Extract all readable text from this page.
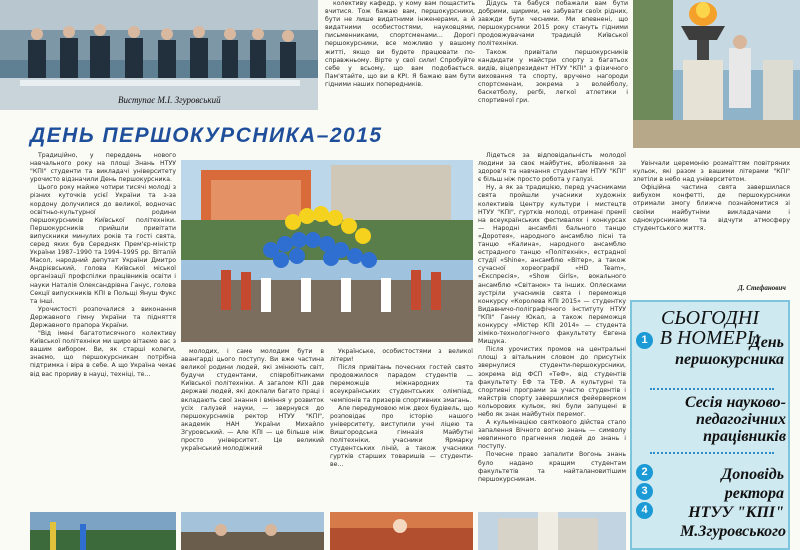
Виступає М.І. Згуровський

колективу кафедр, у кому вам пощастить вчитися. Тож бажаю вам, першокурсники, бути не лише видатними інженерами, а й видатними особистостями, науковцями, письменниками, спортсменами... Дорогі першокурсники, все можливо у вашому житті, якщо ви будете працювати по-справжньому. Вірте у свої сили! Спробуйте себе у всьому, що вам подобається. Пам'ятайте, що ви в KPI. Я бажаю вам бути гідними наших попередників.

Дідусь та бабуся побажали вам бути добрими, щирими, не забувати своїх рідних, завжди бути чесними. Ми впевнені, що першокурсники 2015 року стануть гідними продовжувачами традицій Київської політехніки.

Також привітали першокурсників кандидати у майстри спорту з багатьох видів, віцепрезидент НТУУ "КПІ" з фізичного виховання та спорту, вручено нагороди спортсменам, зокрема з волейболу, баскетболу, регбі, легкої атлетики і спортивної гри.

ДЕНЬ ПЕРШОКУРСНИКА–2015

Традиційно, у переддень нового навчального року на площі Знань НТУУ "КПІ" студенти та викладачі університету урочисто відзначили День першокурсника.

Цього року майже чотири тисячі молоді з різних куточків усієї України та з-за кордону долучилися до великої, водночас освітньо-культурної родини першокурсників Київської політехніки. Першокурсників прийшли привітати випускники минулих років та гості свята, серед яких був Середняк Прем'єр-міністр України 1987–1990 та 1994–1995 рр. Віталій Масол, народний депутат України Дмитро Андрієвський, голова Київської міської організації профспілки працівників освіти і науки Наталія Олександрівна Ганус, голова Секції випускників КПІ в Польщі Януш Фукс та інші.

Урочистості розпочалися з виконання Державного гімну України та підняття Державного прапора України.

"Від імені багатотисячного колективу Київської політехніки ми щиро вітаємо вас з вашим вибором. Ви, як старші колеги, знаємо, що першокурсникам потрібна підтримка і віра в себе. А що Україна чекає від вас прориву в науці, техніці, те...

молодих, і саме молодим бути в авангарді цього поступу. Ви вже частина великої родини людей, які змінюють світ, будучи студентами, співробітниками Київської політехніки. А загалом КПІ дав державі людей, які доклали багато праці і вкладають свої знання і вміння у розвиток усіх галузей науки, — звернувся до першокурсників ректор НТУУ "КПІ", академік НАН України Михайло Згуровський. — Але КПІ — це більше ніж просто університет. Це великий український молодіжний

Українське, особистостями з великої літери!

Після привітань почесних гостей свято продовжилося парадом студентів — переможців міжнародних та всеукраїнських студентських олімпіад, чемпіонів та призерів спортивних змагань.

Але передумовою між двох будівель, що розповідає про історію нашого університету, виступили учні ліцею та Вишгородська гімназія Майбутні політехніки, учасники Ярмарку студентських ліній, а також учасники гуртків старших товаришів — студенти-ве...

Лідеться за відповідальність молодої людини за своє майбутнє, вболівання за здоров'я та навчання студентам НТУУ "КПІ" є більш ніж просто робота у галузі.

Ну, а як за традицією, перед учасниками свята пройшли учасники художніх колективів Центру культури і мистецтв НТУУ "КПІ", гуртків молоді, отримані премії на всеукраїнських фестивалях і конкурсах — Народні ансамблі бального танцю «Доротея», народного ансамблю пісні та танцю «Калина», народного ансамблю естрадного танцю «Політехнік», естрадної студії «Shine», ансамблю «Вітер», а також сучасної хореографії «HD Team», «Експресія», «Show Girls», вокального ансамблю «Світанок» та інших. Оплесками зустріли учасників свята і переможця конкурсу «Королева КПІ 2015» — студентку Видавничо-поліграфічного інституту НТУУ "КПІ" Ганну Юкал, а також переможця конкурсу «Містер КПІ 2014» — студента хіміко-технологічного факультету Євгена Мищука.

Після урочистих промов на центральні площі з вітальним словом до присутніх звернулися студенти-першокурсники, зокрема від ФСП «ТеФ», від студентів факультету ЕФ та ТЕФ. А культурні та спортивні програми за участю студентів і майстрів спорту завершилися фейерверком кольорових кульок, які були запущені в небо як знак майбутніх перемог.

А кульмінацією святкового дійства стало запалення Вічного вогню знань — символу невпинного прагнення людей до знань і поступу.

Почесне право запалити Вогонь знань було надано кращим студентам факультетів та найталановитішим першокурсникам.

Увінчали церемонію розмаїттям повітряних кульок, які разом з вашими літерами "КПІ" злетіли в небо над університетом.

Офіційна частина свята завершилася вибухом конфетті, де першокурсники отримали змогу ближче познайомитися зі своїми майбутніми викладачами і однокурсниками та відчути атмосферу студентського життя.

Д. Стефанович
СЬОГОДНІ
В НОМЕРІ:
1	День першокурсника
Сесія науково-педагогічних працівників
2	Доповідь
3	ректора
4	НТУУ "КПІ"
М.Згуровського
